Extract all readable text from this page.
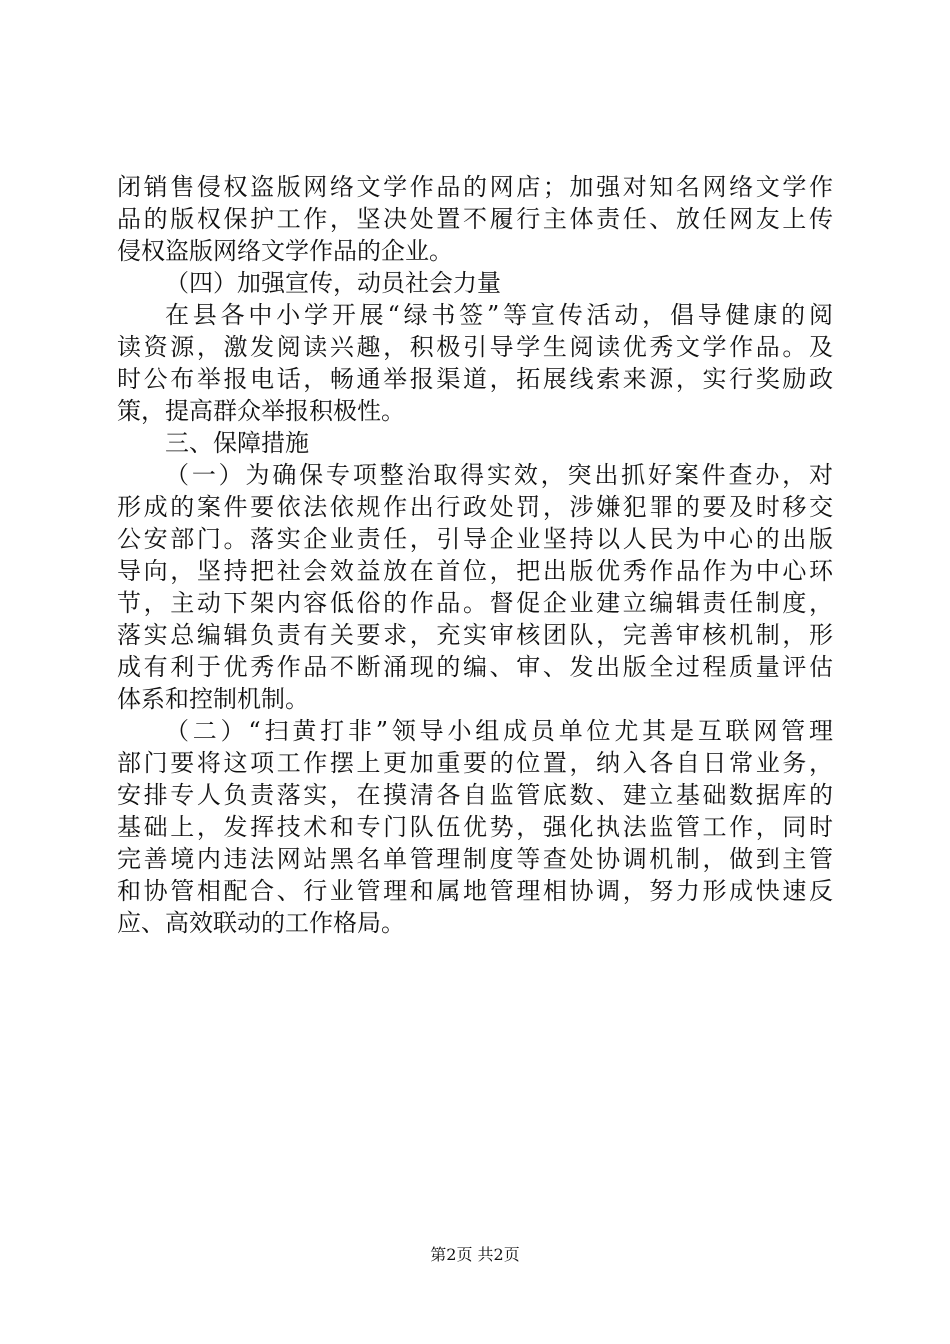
闭销售侵权盗版网络文学作品的网店；加强对知名网络文学作
品的版权保护工作，坚决处置不履行主体责任、放任网友上传
侵权盗版网络文学作品的企业。
（四）加强宣传，动员社会力量
在县各中小学开展“绿书签”等宣传活动，倡导健康的阅
读资源，激发阅读兴趣，积极引导学生阅读优秀文学作品。及
时公布举报电话，畅通举报渠道，拓展线索来源，实行奖励政
策，提高群众举报积极性。
三、保障措施
（一）为确保专项整治取得实效，突出抓好案件查办，对
形成的案件要依法依规作出行政处罚，涉嫌犯罪的要及时移交
公安部门。落实企业责任，引导企业坚持以人民为中心的出版
导向，坚持把社会效益放在首位，把出版优秀作品作为中心环
节，主动下架内容低俗的作品。督促企业建立编辑责任制度，
落实总编辑负责有关要求，充实审核团队，完善审核机制，形
成有利于优秀作品不断涌现的编、审、发出版全过程质量评估
体系和控制机制。
（二）“扫黄打非”领导小组成员单位尤其是互联网管理
部门要将这项工作摆上更加重要的位置，纳入各自日常业务，
安排专人负责落实，在摸清各自监管底数、建立基础数据库的
基础上，发挥技术和专门队伍优势，强化执法监管工作，同时
完善境内违法网站黑名单管理制度等查处协调机制，做到主管
和协管相配合、行业管理和属地管理相协调，努力形成快速反
应、高效联动的工作格局。
第2页 共2页
